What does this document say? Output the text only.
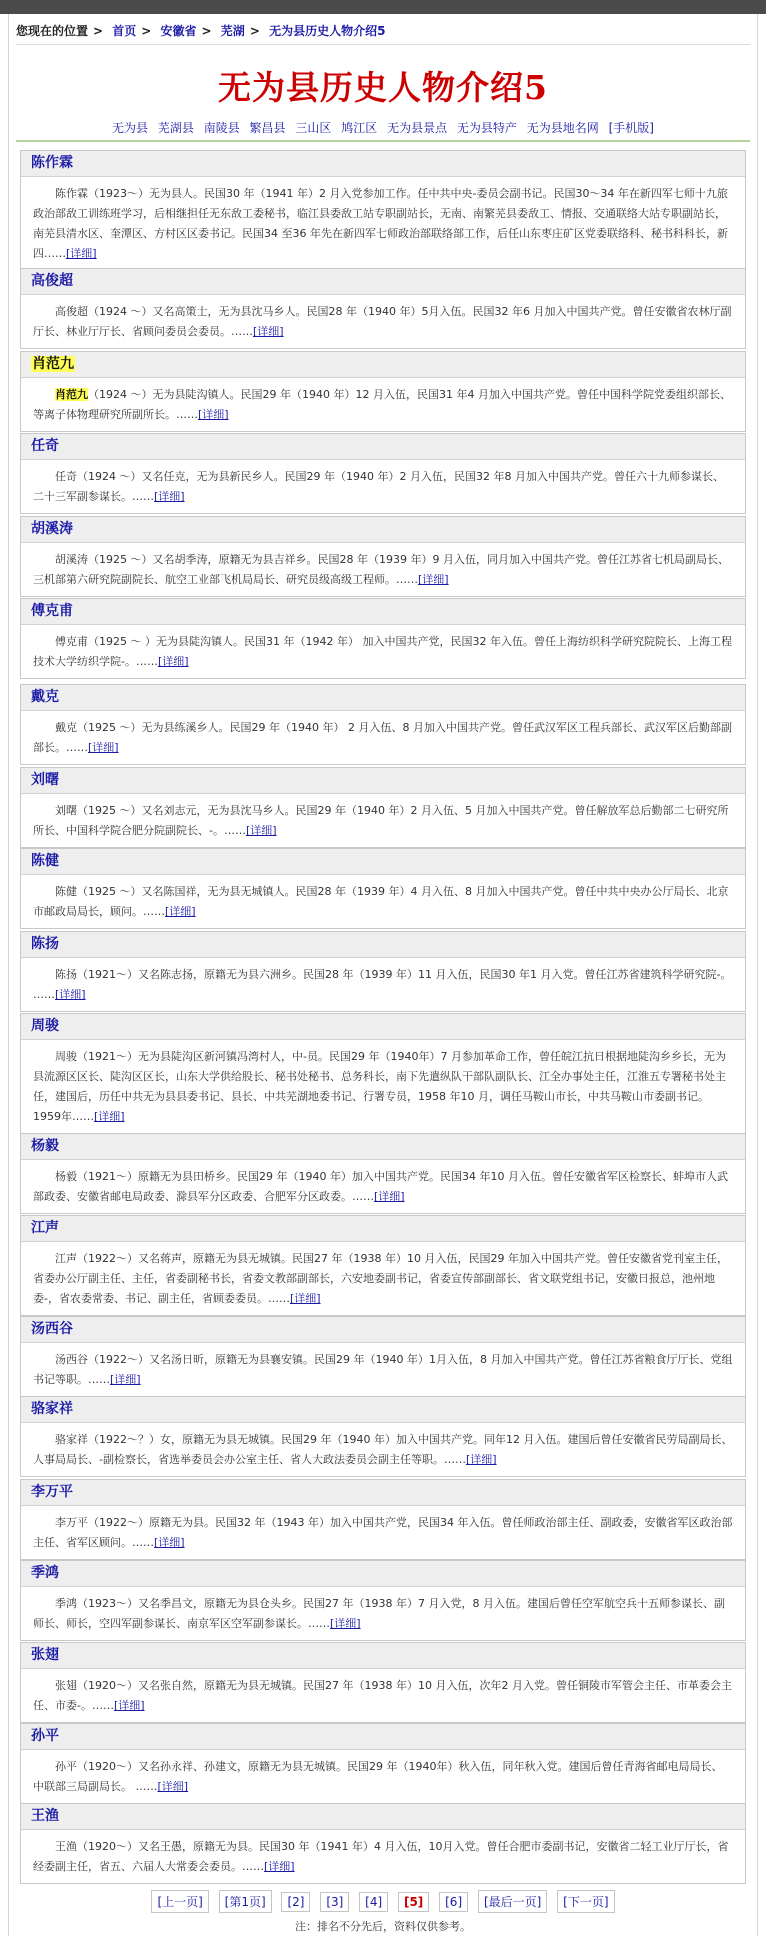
您现在的位置 > 首页 > 安徽省 > 芜湖 > 无为县历史人物介绍5
无为县历史人物介绍5
无为县 芜湖县 南陵县 繁昌县 三山区 鸠江区 无为县景点 无为县特产 无为县地名网 [手机版]
陈作霖
陈作霖（1923～）无为县人。民国30 年（1941 年）2 月入党参加工作。任中共中央-委员会副书记。民国30～34 年在新四军七师十九旅政治部敌工训练班学习，后相继担任无东敌工委秘书，临江县委敌工站专职副站长，无南、南繁芜县委敌工、情报、交通联络大站专职副站长，南芜县清水区、奎潭区、方村区区委书记。民国34 至36 年先在新四军七师政治部联络部工作，后任山东枣庄矿区党委联络科、秘书科科长，新四……[详细]
高俊超
高俊超（1924 ～）又名高策士，无为县沈马乡人。民国28 年（1940 年）5月入伍。民国32 年6 月加入中国共产党。曾任安徽省农林厅副厅长、林业厅厅长、省顾问委员会委员。……[详细]
肖范九
肖范九（1924 ～）无为县陡沟镇人。民国29 年（1940 年）12 月入伍，民国31 年4 月加入中国共产党。曾任中国科学院党委组织部长、等离子体物理研究所副所长。……[详细]
任奇
任奇（1924 ～）又名任克，无为县新民乡人。民国29 年（1940 年）2 月入伍，民国32 年8 月加入中国共产党。曾任六十九师参谋长、二十三军副参谋长。……[详细]
胡溪涛
胡溪涛（1925 ～）又名胡季涛，原籍无为县吉祥乡。民国28 年（1939 年）9 月入伍，同月加入中国共产党。曾任江苏省七机局副局长、三机部第六研究院副院长、航空工业部飞机局局长、研究员级高级工程师。……[详细]
傅克甫
傅克甫（1925 ～ ）无为县陡沟镇人。民国31 年（1942 年） 加入中国共产党，民国32 年入伍。曾任上海纺织科学研究院院长、上海工程技术大学纺织学院-。……[详细]
戴克
戴克（1925 ～）无为县练溪乡人。民国29 年（1940 年） 2 月入伍、8 月加入中国共产党。曾任武汉军区工程兵部长、武汉军区后勤部副部长。……[详细]
刘曙
刘曙（1925 ～）又名刘志元，无为县沈马乡人。民国29 年（1940 年）2 月入伍、5 月加入中国共产党。曾任解放军总后勤部二七研究所所长、中国科学院合肥分院副院长、-。……[详细]
陈健
陈健（1925 ～）又名陈国祥，无为县无城镇人。民国28 年（1939 年）4 月入伍、8 月加入中国共产党。曾任中共中央办公厅局长、北京市邮政局局长，顾问。……[详细]
陈扬
陈扬（1921～）又名陈志扬，原籍无为县六洲乡。民国28 年（1939 年）11 月入伍，民国30 年1 月入党。曾任江苏省建筑科学研究院-。 ……[详细]
周骏
周骏（1921～）无为县陡沟区新河镇冯湾村人，中-员。民国29 年（1940年）7 月参加革命工作，曾任皖江抗日根据地陡沟乡乡长，无为县流源区区长、陡沟区区长，山东大学供给股长、秘书处秘书、总务科长，南下先遣纵队干部队副队长、江全办事处主任，江淮五专署秘书处主任，建国后，历任中共无为县县委书记、县长、中共芜湖地委书记、行署专员，1958 年10 月，调任马鞍山市长，中共马鞍山市委副书记。1959年……[详细]
杨毅
杨毅（1921～）原籍无为县田桥乡。民国29 年（1940 年）加入中国共产党。民国34 年10 月入伍。曾任安徽省军区检察长、蚌埠市人武部政委、安徽省邮电局政委、滁县军分区政委、合肥军分区政委。……[详细]
江声
江声（1922～）又名蒋声，原籍无为县无城镇。民国27 年（1938 年）10 月入伍，民国29 年加入中国共产党。曾任安徽省党刊室主任，省委办公厅副主任、主任，省委副秘书长，省委文教部副部长，六安地委副书记，省委宣传部副部长、省文联党组书记，安徽日报总，池州地委-，省农委常委、书记、副主任，省顾委委员。……[详细]
汤西谷
汤西谷（1922～）又名汤日昕，原籍无为县襄安镇。民国29 年（1940 年）1月入伍，8 月加入中国共产党。曾任江苏省粮食厅厅长、党组书记等职。……[详细]
骆家祥
骆家祥（1922～？）女，原籍无为县无城镇。民国29 年（1940 年）加入中国共产党。同年12 月入伍。建国后曾任安徽省民劳局副局长、人事局局长、-副检察长，省选举委员会办公室主任、省人大政法委员会副主任等职。……[详细]
李万平
李万平（1922～）原籍无为县。民国32 年（1943 年）加入中国共产党，民国34 年入伍。曾任师政治部主任、副政委，安徽省军区政治部主任、省军区顾问。……[详细]
季鸿
季鸿（1923～）又名季昌文，原籍无为县仓头乡。民国27 年（1938 年）7 月入党，8 月入伍。建国后曾任空军航空兵十五师参谋长、副师长、师长，空四军副参谋长、南京军区空军副参谋长。……[详细]
张翅
张翅（1920～）又名张自然，原籍无为县无城镇。民国27 年（1938 年）10 月入伍，次年2 月入党。曾任铜陵市军管会主任、市革委会主任、市委-。……[详细]
孙平
孙平（1920～）又名孙永祥、孙建文，原籍无为县无城镇。民国29 年（1940年）秋入伍，同年秋入党。建国后曾任青海省邮电局局长、中联部三局副局长。 ……[详细]
王渔
王渔（1920～）又名王愚，原籍无为县。民国30 年（1941 年）4 月入伍，10月入党。曾任合肥市委副书记，安徽省二轻工业厅厅长，省经委副主任，省五、六届人大常委会委员。……[详细]
[上一页] [第1页] [2] [3] [4] [5] [6] [最后一页] [下一页]
注：排名不分先后，资料仅供参考。
